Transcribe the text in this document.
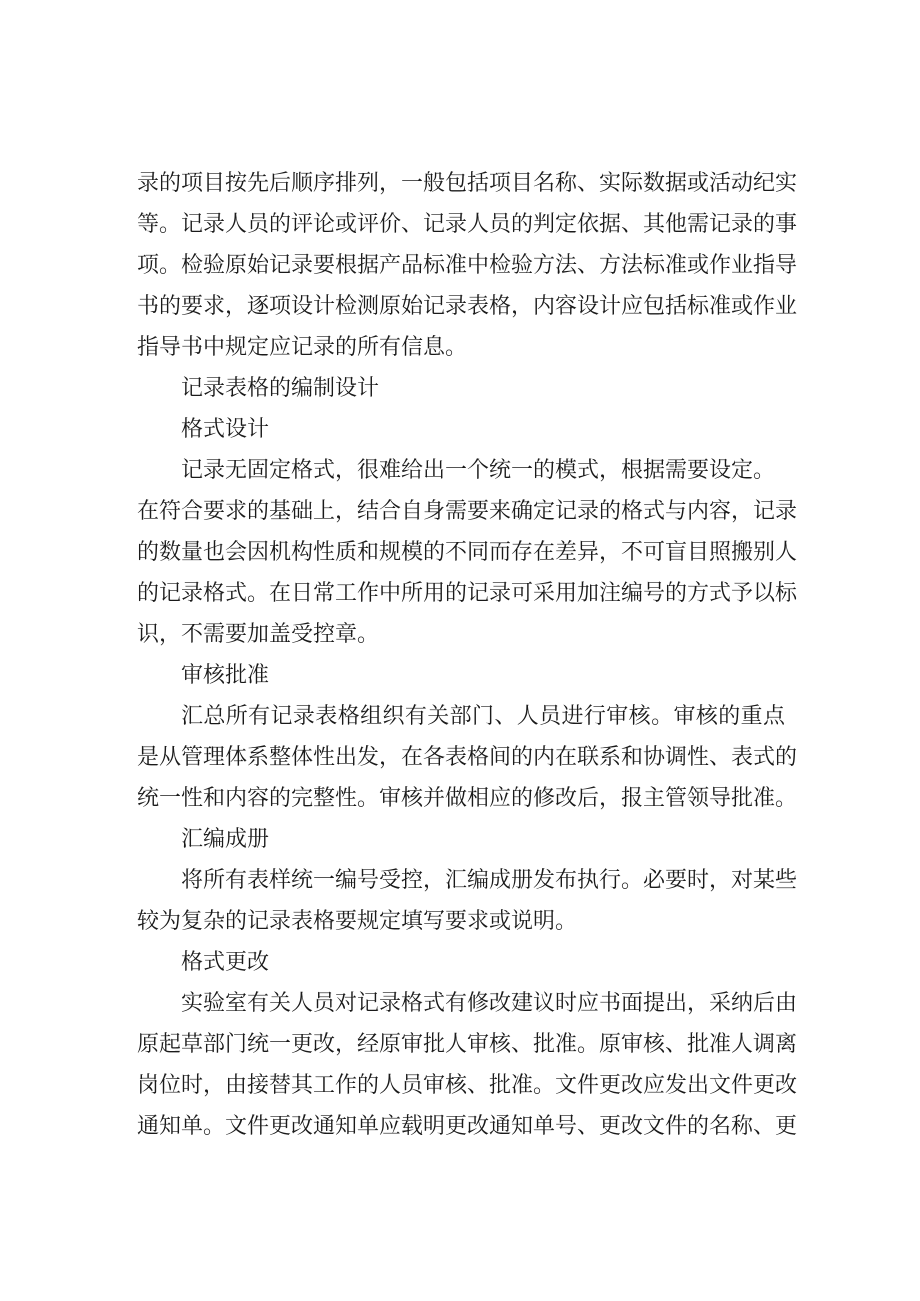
录的项目按先后顺序排列，一般包括项目名称、实际数据或活动纪实
等。记录人员的评论或评价、记录人员的判定依据、其他需记录的事
项。检验原始记录要根据产品标准中检验方法、方法标准或作业指导
书的要求，逐项设计检测原始记录表格，内容设计应包括标准或作业
指导书中规定应记录的所有信息。
记录表格的编制设计
格式设计
记录无固定格式，很难给出一个统一的模式，根据需要设定。
在符合要求的基础上，结合自身需要来确定记录的格式与内容，记录
的数量也会因机构性质和规模的不同而存在差异，不可盲目照搬别人
的记录格式。在日常工作中所用的记录可采用加注编号的方式予以标
识，不需要加盖受控章。
审核批准
汇总所有记录表格组织有关部门、人员进行审核。审核的重点
是从管理体系整体性出发，在各表格间的内在联系和协调性、表式的
统一性和内容的完整性。审核并做相应的修改后，报主管领导批准。
汇编成册
将所有表样统一编号受控，汇编成册发布执行。必要时，对某些
较为复杂的记录表格要规定填写要求或说明。
格式更改
实验室有关人员对记录格式有修改建议时应书面提出，采纳后由
原起草部门统一更改，经原审批人审核、批准。原审核、批准人调离
岗位时，由接替其工作的人员审核、批准。文件更改应发出文件更改
通知单。文件更改通知单应载明更改通知单号、更改文件的名称、更
